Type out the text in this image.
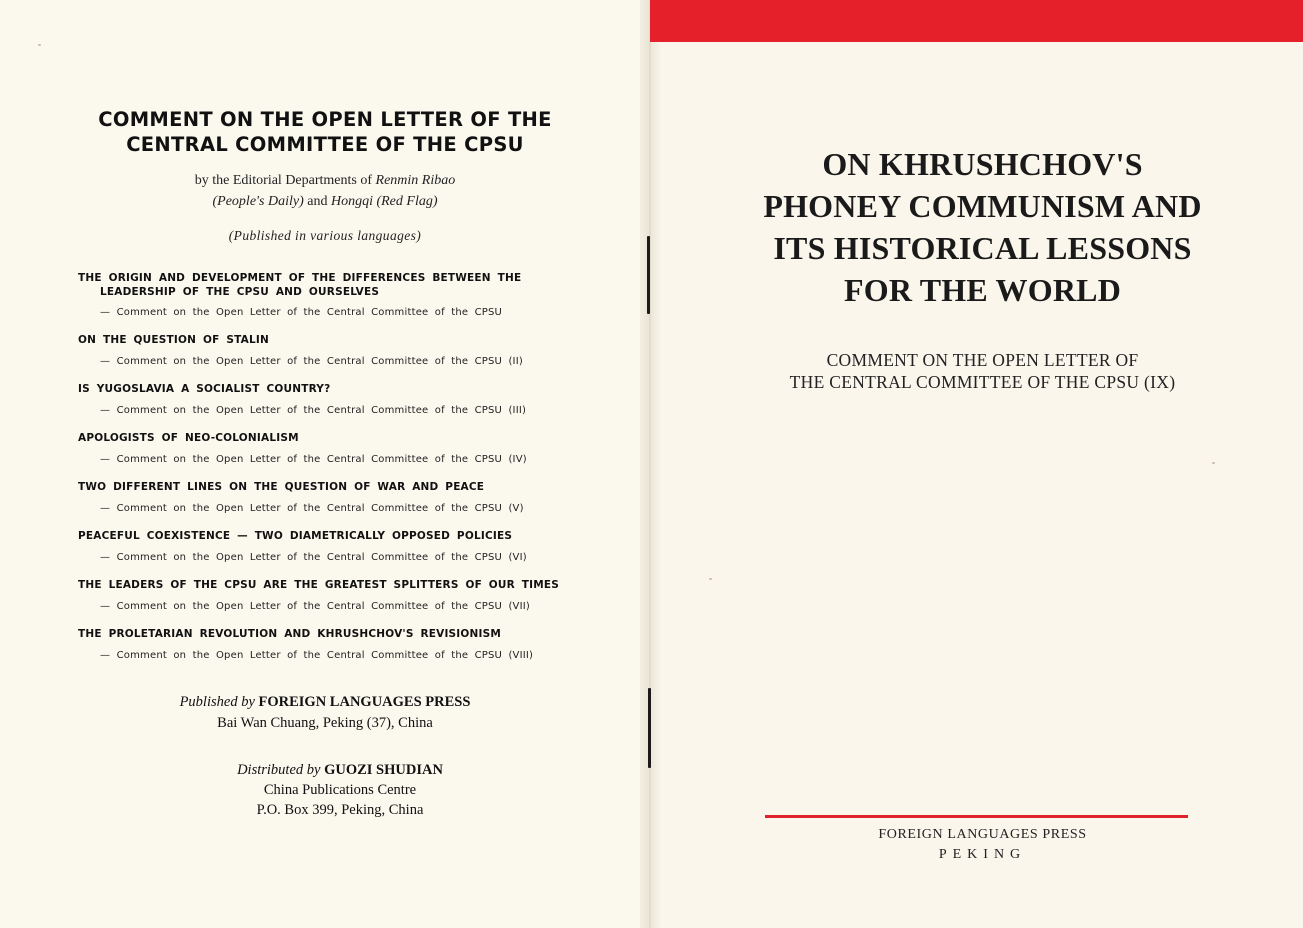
COMMENT ON THE OPEN LETTER OF THE
CENTRAL COMMITTEE OF THE CPSU
by the Editorial Departments of Renmin Ribao
(People's Daily) and Hongqi (Red Flag)
(Published in various languages)
THE ORIGIN AND DEVELOPMENT OF THE DIFFERENCES BETWEEN THE
LEADERSHIP OF THE CPSU AND OURSELVES
— Comment on the Open Letter of the Central Committee of the CPSU
ON THE QUESTION OF STALIN
— Comment on the Open Letter of the Central Committee of the CPSU (II)
IS YUGOSLAVIA A SOCIALIST COUNTRY?
— Comment on the Open Letter of the Central Committee of the CPSU (III)
APOLOGISTS OF NEO-COLONIALISM
— Comment on the Open Letter of the Central Committee of the CPSU (IV)
TWO DIFFERENT LINES ON THE QUESTION OF WAR AND PEACE
— Comment on the Open Letter of the Central Committee of the CPSU (V)
PEACEFUL COEXISTENCE — TWO DIAMETRICALLY OPPOSED POLICIES
— Comment on the Open Letter of the Central Committee of the CPSU (VI)
THE LEADERS OF THE CPSU ARE THE GREATEST SPLITTERS OF OUR TIMES
— Comment on the Open Letter of the Central Committee of the CPSU (VII)
THE PROLETARIAN REVOLUTION AND KHRUSHCHOV'S REVISIONISM
— Comment on the Open Letter of the Central Committee of the CPSU (VIII)
Published by FOREIGN LANGUAGES PRESS
Bai Wan Chuang, Peking (37), China
Distributed by GUOZI SHUDIAN
China Publications Centre
P.O. Box 399, Peking, China
ON KHRUSHCHOV'S
PHONEY COMMUNISM AND
ITS HISTORICAL LESSONS
FOR THE WORLD
COMMENT ON THE OPEN LETTER OF
THE CENTRAL COMMITTEE OF THE CPSU (IX)
FOREIGN LANGUAGES PRESS
PEKING
